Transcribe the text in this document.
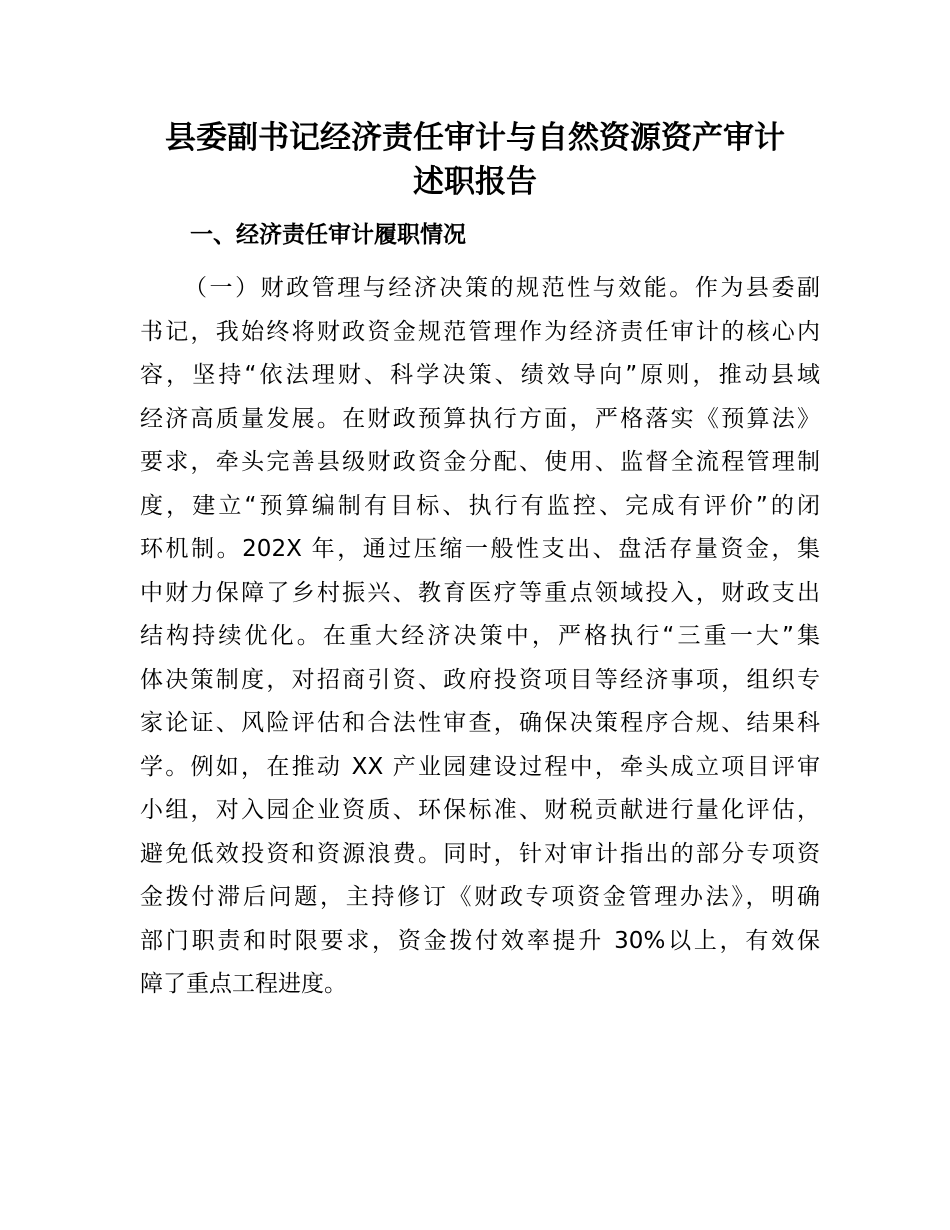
县委副书记经济责任审计与自然资源资产审计
述职报告
一、经济责任审计履职情况
（一）财政管理与经济决策的规范性与效能。作为县委副
书记，我始终将财政资金规范管理作为经济责任审计的核心内
容，坚持“依法理财、科学决策、绩效导向”原则，推动县域
经济高质量发展。在财政预算执行方面，严格落实《预算法》
要求，牵头完善县级财政资金分配、使用、监督全流程管理制
度，建立“预算编制有目标、执行有监控、完成有评价”的闭
环机制。202X 年，通过压缩一般性支出、盘活存量资金，集
中财力保障了乡村振兴、教育医疗等重点领域投入，财政支出
结构持续优化。在重大经济决策中，严格执行“三重一大”集
体决策制度，对招商引资、政府投资项目等经济事项，组织专
家论证、风险评估和合法性审查，确保决策程序合规、结果科
学。例如，在推动 XX 产业园建设过程中，牵头成立项目评审
小组，对入园企业资质、环保标准、财税贡献进行量化评估，
避免低效投资和资源浪费。同时，针对审计指出的部分专项资
金拨付滞后问题，主持修订《财政专项资金管理办法》，明确
部门职责和时限要求，资金拨付效率提升 30%以上，有效保
障了重点工程进度。
